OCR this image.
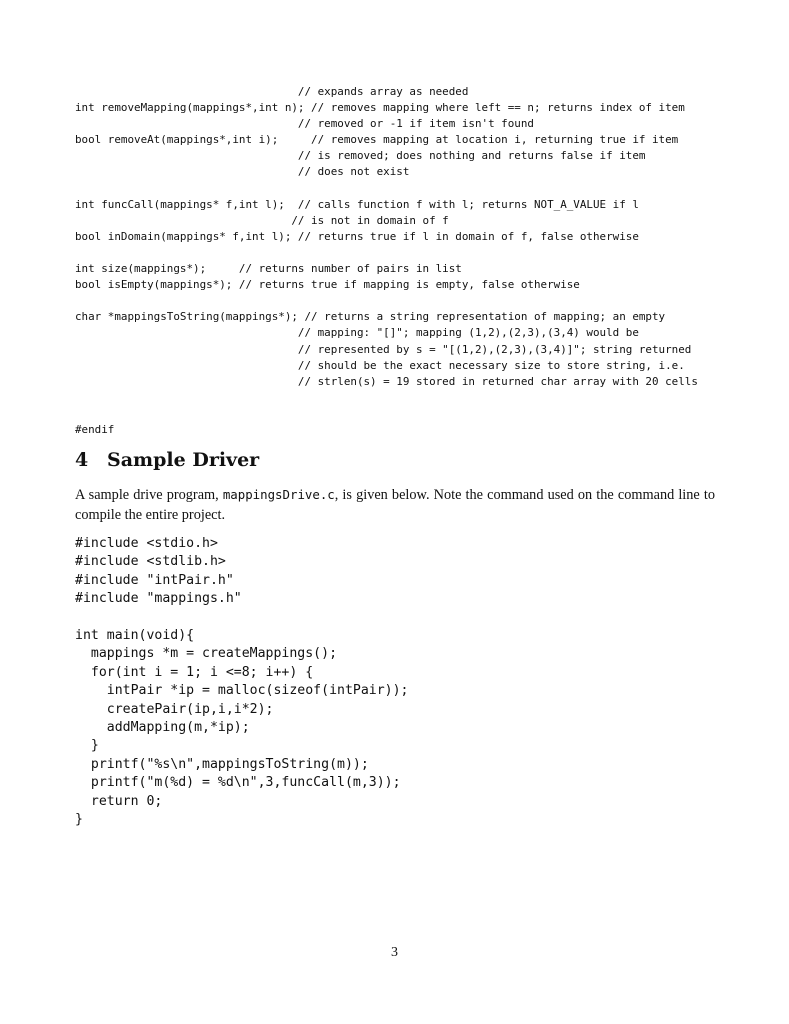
// expands array as needed
int removeMapping(mappings*,int n); // removes mapping where left == n; returns index of item
// removed or -1 if item isn't found
bool removeAt(mappings*,int i);     // removes mapping at location i, returning true if item
// is removed; does nothing and returns false if item
// does not exist

int funcCall(mappings* f,int l);  // calls function f with l; returns NOT_A_VALUE if l
// is not in domain of f
bool inDomain(mappings* f,int l); // returns true if l in domain of f, false otherwise

int size(mappings*);     // returns number of pairs in list
bool isEmpty(mappings*); // returns true if mapping is empty, false otherwise

char *mappingsToString(mappings*); // returns a string representation of mapping; an empty
// mapping: "[]"; mapping (1,2),(2,3),(3,4) would be
// represented by s = "[(1,2),(2,3),(3,4)]"; string returned
// should be the exact necessary size to store string, i.e.
// strlen(s) = 19 stored in returned char array with 20 cells

#endif
4 Sample Driver

A sample drive program, mappingsDrive.c, is given below. Note the command used on the command line to compile the entire project.

#include <stdio.h>
#include <stdlib.h>
#include "intPair.h"
#include "mappings.h"

int main(void){
mappings *m = createMappings();
for(int i = 1; i <=8; i++) {
intPair *ip = malloc(sizeof(intPair));
createPair(ip,i,i*2);
addMapping(m,*ip);
}
printf("%s\n",mappingsToString(m));
printf("m(%d) = %d\n",3,funcCall(m,3));
return 0;
}
3
